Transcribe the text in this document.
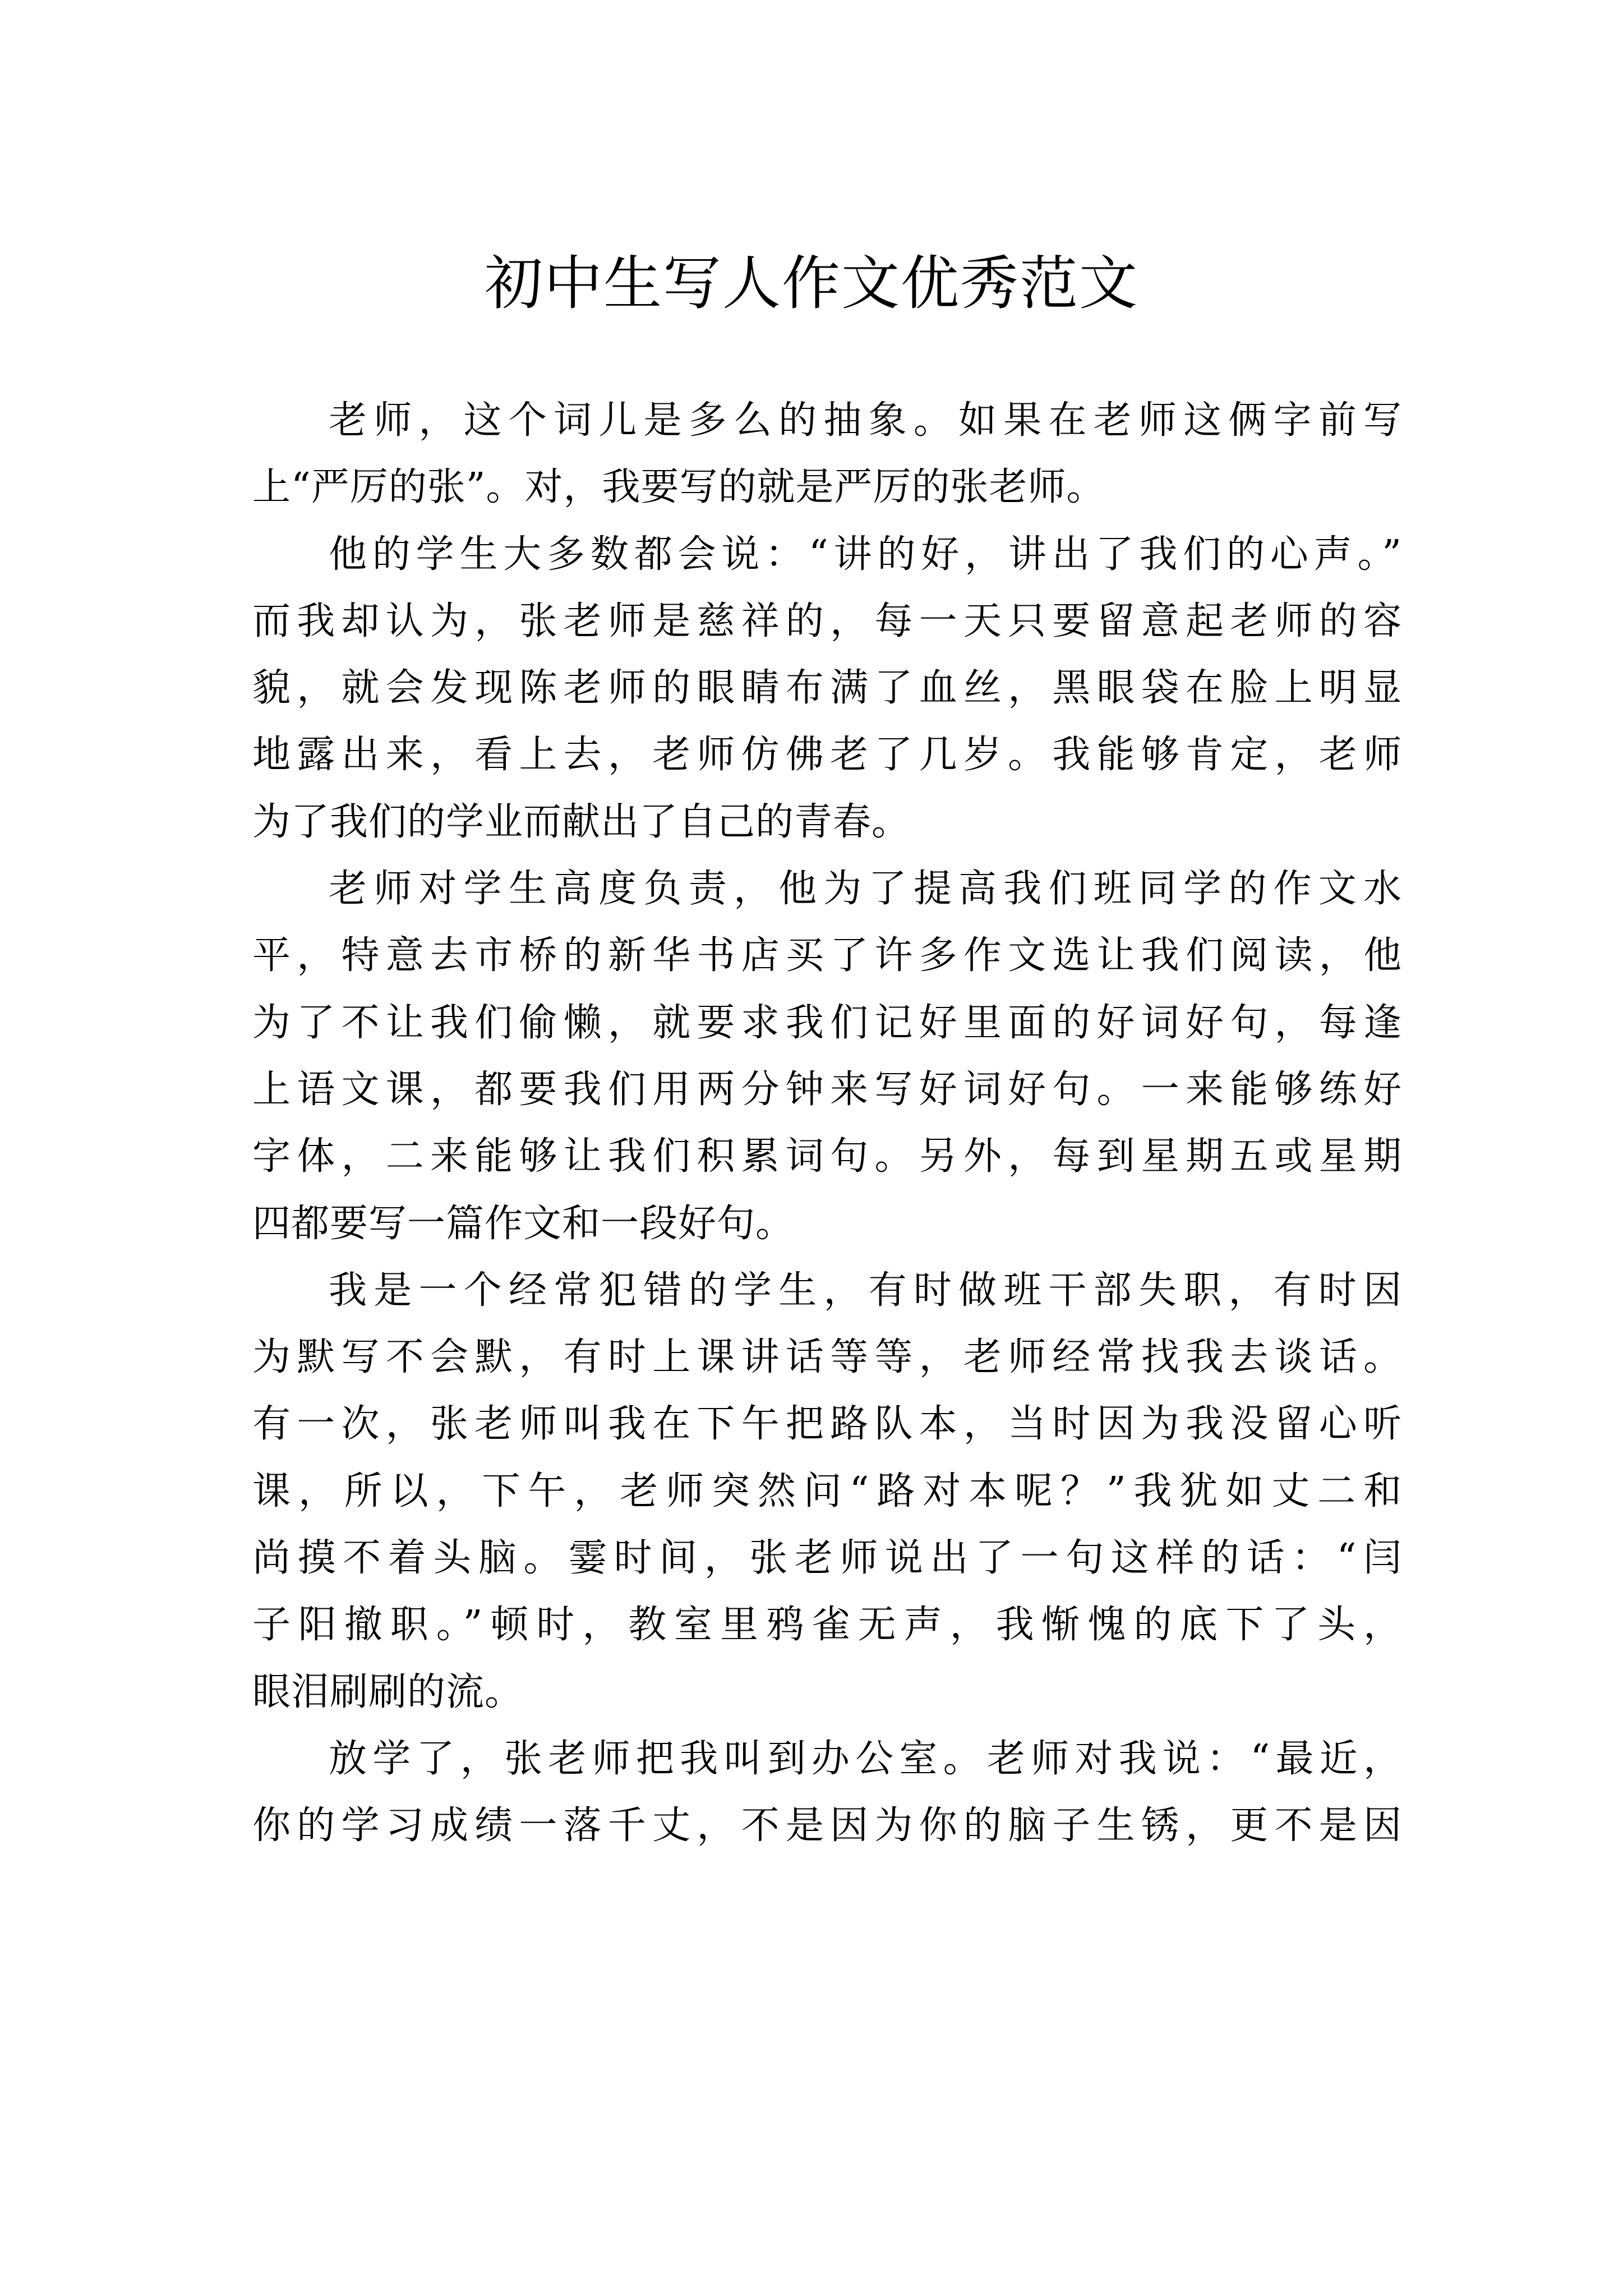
初中生写人作文优秀范文
老师，这个词儿是多么的抽象。如果在老师这俩字前写
上“严厉的张”。对，我要写的就是严厉的张老师。
他的学生大多数都会说：“讲的好，讲出了我们的心声。”
而我却认为，张老师是慈祥的，每一天只要留意起老师的容
貌，就会发现陈老师的眼睛布满了血丝，黑眼袋在脸上明显
地露出来，看上去，老师仿佛老了几岁。我能够肯定，老师
为了我们的学业而献出了自己的青春。
老师对学生高度负责，他为了提高我们班同学的作文水
平，特意去市桥的新华书店买了许多作文选让我们阅读，他
为了不让我们偷懒，就要求我们记好里面的好词好句，每逢
上语文课，都要我们用两分钟来写好词好句。一来能够练好
字体，二来能够让我们积累词句。另外，每到星期五或星期
四都要写一篇作文和一段好句。
我是一个经常犯错的学生，有时做班干部失职，有时因
为默写不会默，有时上课讲话等等，老师经常找我去谈话。
有一次，张老师叫我在下午把路队本，当时因为我没留心听
课，所以，下午，老师突然问“路对本呢？”我犹如丈二和
尚摸不着头脑。霎时间，张老师说出了一句这样的话：“闫
子阳撤职。”顿时，教室里鸦雀无声，我惭愧的底下了头，
眼泪刷刷的流。
放学了，张老师把我叫到办公室。老师对我说：“最近，
你的学习成绩一落千丈，不是因为你的脑子生锈，更不是因
